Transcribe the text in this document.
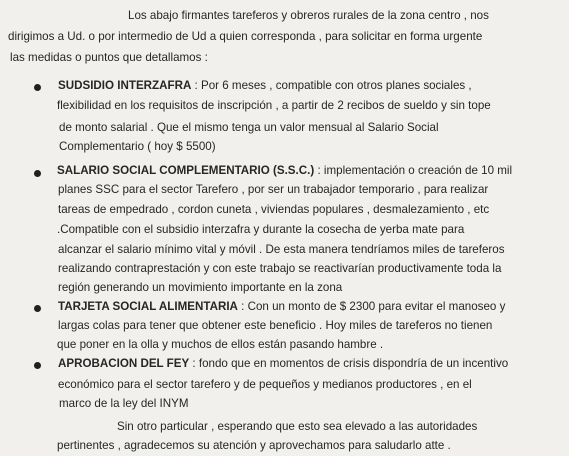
Los abajo firmantes tareferos y obreros rurales de la zona centro , nos
dirigimos a Ud. o por intermedio de Ud a quien corresponda , para solicitar en forma urgente
las medidas o puntos que detallamos :
SUDSIDIO INTERZAFRA : Por 6 meses , compatible con otros planes sociales ,
flexibilidad en los requisitos de inscripción , a partir de 2 recibos de sueldo y sin tope
de monto salarial . Que el mismo tenga un valor mensual al Salario Social
Complementario ( hoy $ 5500)
SALARIO SOCIAL COMPLEMENTARIO (S.S.C.) : implementación o creación de 10 mil
planes SSC para el sector Tarefero , por ser un trabajador temporario , para realizar
tareas de empedrado , cordon cuneta , viviendas populares , desmalezamiento , etc
.Compatible con el subsidio interzafra y durante la cosecha de yerba mate para
alcanzar el salario mínimo vital y móvil . De esta manera tendríamos miles de tareferos
realizando contraprestación y con este trabajo se reactivarían productivamente toda la
región generando un movimiento importante en la zona
TARJETA SOCIAL ALIMENTARIA : Con un monto de $ 2300 para evitar el manoseo y
largas colas para tener que obtener este beneficio . Hoy miles de tareferos no tienen
que poner en la olla y muchos de ellos están pasando hambre .
APROBACION DEL FEY : fondo que en momentos de crisis dispondría de un incentivo
económico para el sector tarefero y de pequeños y medianos productores , en el
marco de la ley del INYM
Sin otro particular , esperando que esto sea elevado a las autoridades
pertinentes , agradecemos su atención y aprovechamos para saludarlo atte .
